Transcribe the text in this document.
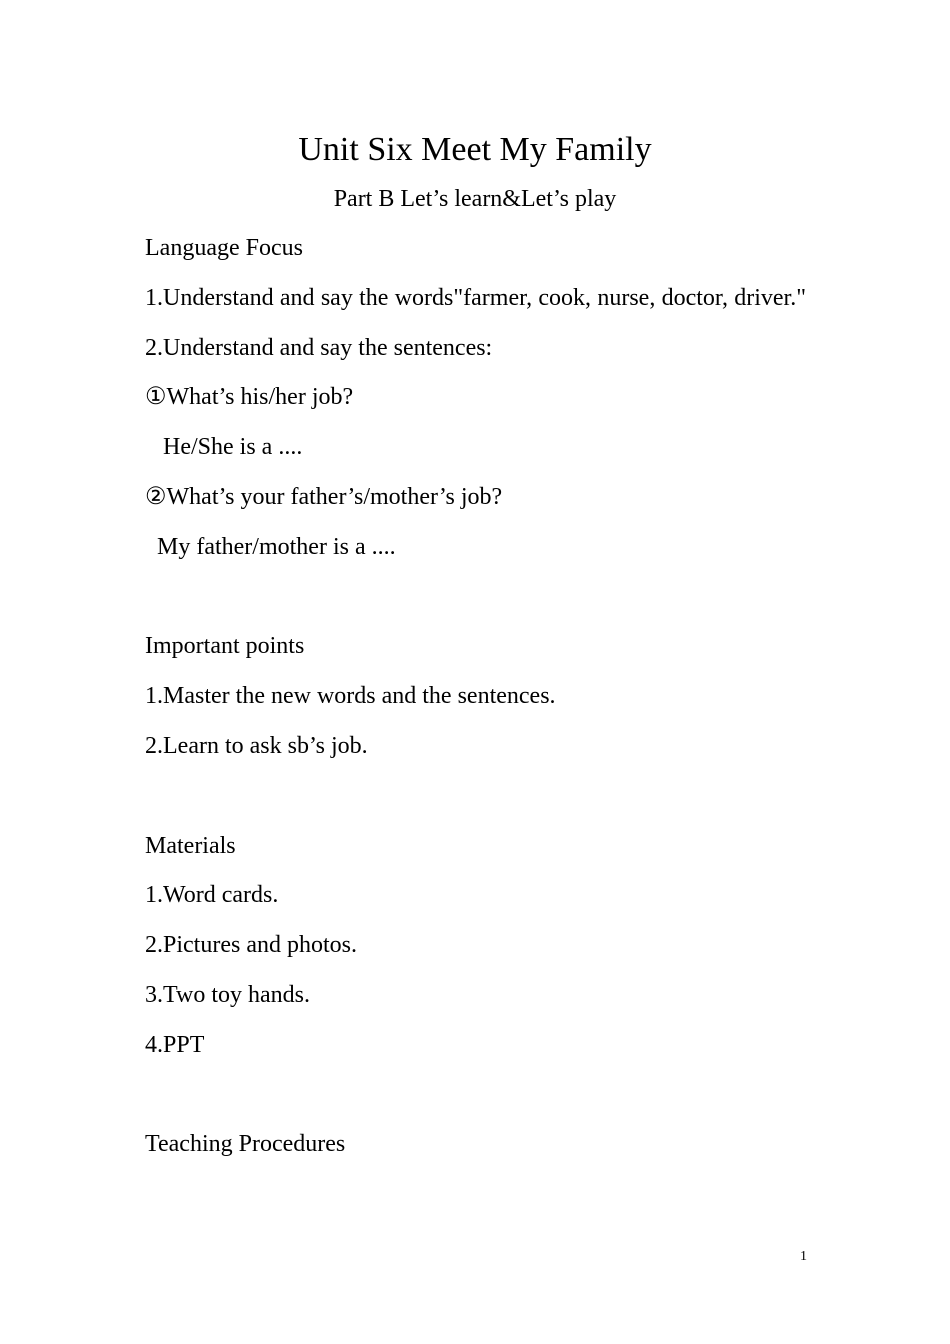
Unit Six Meet My Family
Part B Let’s learn&Let’s play
Language Focus
1.Understand and say the words"farmer, cook, nurse, doctor, driver."
2.Understand and say the sentences:
①What’s his/her job?
He/She is a ....
②What’s your father’s/mother’s job?
My father/mother is a ....
Important points
1.Master the new words and the sentences.
2.Learn to ask sb’s job.
Materials
1.Word cards.
2.Pictures and photos.
3.Two toy hands.
4.PPT
Teaching Procedures
1
